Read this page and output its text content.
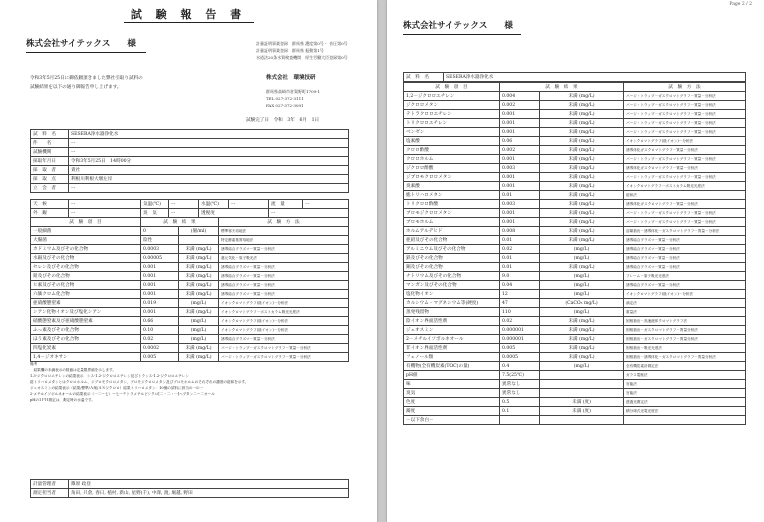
試 験 報 告 書
株式会社サイテックス　　様	計量証明事業登録　群馬県 濃度第0号・ 音圧第0号
計量証明事業登録　群馬県 振動第1号
水道法20条水質検査機関　厚生労働大臣登録第0号
令和3年5月25日に御依頼頂きました弊社引取り試料の
試験結果を以下の通り御報告申し上げます。
株式会社　環境技研
群馬県高崎市倉賀野町1709-1
TEL 027-372-3111
FAX 027-372-3091
試験完了日　令和　3年　6月　1日
試　料　名	SESERA浄水器浄化水
件　　名	ー
試験機関	ー
採取年月日	令和3年5月25日　14時00分
採　取　者	貴社
採　取　点	利根川利根大堰左岸
立　会　者	ー
天　候	ー	気温(℃)	ー	水温(℃)	ー	流　量	ー
外　観	ー	臭　気	ー	透視度		ー	
試　験　項　目	試　験　結　果		試　験　方　法
一般細菌	0	(個/ml)	標準寒天培地法
大腸菌	陰性		特定酵素基質培地法
カドミウム及びその化合物	0.0003	未満 (mg/L)	誘導結合プラズマ－質量－分析法
水銀及びその化合物	0.00005	未満 (mg/L)	還元気化－原子吸光法
セレン及びその化合物	0.001	未満 (mg/L)	誘導結合プラズマ－質量－分析法
鉛及びその化合物	0.001	未満 (mg/L)	誘導結合プラズマ－質量－分析法
ヒ素及びその化合物	0.001	未満 (mg/L)	誘導結合プラズマ－質量－分析法
六価クロム化合物	0.001	未満 (mg/L)	誘導結合プラズマ－質量－分析法
亜硝酸態窒素	0.019	(mg/L)	イオンクロマトグラフ(陰イオン)－分析法
シアン化物イオン及び塩化シアン	0.001	未満 (mg/L)	イオンクロマトグラフ－ポストカラム吸光光度法
硝酸態窒素及び亜硝酸態窒素	0.66	(mg/L)	イオンクロマトグラフ(陰イオン)－分析法
ふっ素及びその化合物	0.10	(mg/L)	イオンクロマトグラフ(陰イオン)－分析法
ほう素及びその化合物	0.02	(mg/L)	誘導結合プラズマ－質量－分析法
四塩化炭素	0.0002	未満 (mg/L)	パージ・トラップ－ガスクロマトグラフ－質量－分析法
1,4－ジオキサン	0.005	未満 (mg/L)	パージ・トラップ－ガスクロマトグラフ－質量－分析法
備考
　結果欄の未満表示の数値は定量限界値を示します。
1.3-ジクロロエチレンの結果表示　シス-1.2-ジクロロエチレン及びトランス-1.2-ジクロロエチレン
総トリハロメタンとはクロロホルム、ジブロモクロロメタン、ブロモジクロロメタン及びブロモホルムのそれぞれの濃度の総和を示す。
ジェオスミンの結果表示（結果/標準/Ａ剤/ＡＳジクロロ）結果トリハロメタン：10個の試料に該当の一の一
2-メチルイソボルネオールの結果表示（一二ー七）ー七ーテトラメチルビシクロ[二・二・一]ヘプタン二ー二オール
pHの1ＰＨ測定は、測定時の水温です。
計量管理者	篠原 政登
測定担当者	角田, 只倉, 春日, 植村, 新山, 星野(千), 中澤, 渡, 堀越, 野田
Page 2 / 2
株式会社サイテックス　　様
試　料　名	SESERA浄水器浄化水
試　験　項　目	試　験　結　果		試　験　方　法
1,2－ジクロロエチレン	0.004	未満 (mg/L)	パージ・トラップ－ガスクロマトグラフ－質量－分析法
ジクロロメタン	0.002	未満 (mg/L)	パージ・トラップ－ガスクロマトグラフ－質量－分析法
テトラクロロエチレン	0.001	未満 (mg/L)	パージ・トラップ－ガスクロマトグラフ－質量－分析法
トリクロロエチレン	0.001	未満 (mg/L)	パージ・トラップ－ガスクロマトグラフ－質量－分析法
ベンゼン	0.001	未満 (mg/L)	パージ・トラップ－ガスクロマトグラフ－質量－分析法
塩素酸	0.06	未満 (mg/L)	イオンクロマトグラフ(陰イオン)－分析法
クロロ酢酸	0.002	未満 (mg/L)	誘導体化ガスクロマトグラフ－質量－分析法
クロロホルム	0.001	未満 (mg/L)	パージ・トラップ－ガスクロマトグラフ－質量－分析法
ジクロロ酢酸	0.003	未満 (mg/L)	誘導体化ガスクロマトグラフ－質量－分析法
ジブロモクロロメタン	0.001	未満 (mg/L)	パージ・トラップ－ガスクロマトグラフ－質量－分析法
臭素酸	0.001	未満 (mg/L)	イオンクロマトグラフ－ポストカラム吸光光度法
総トリハロメタン	0.01	未満 (mg/L)	総和法
トリクロロ酢酸	0.003	未満 (mg/L)	誘導体化ガスクロマトグラフ－質量－分析法
ブロモジクロロメタン	0.001	未満 (mg/L)	パージ・トラップ－ガスクロマトグラフ－質量－分析法
ブロモホルム	0.001	未満 (mg/L)	パージ・トラップ－ガスクロマトグラフ－質量－分析法
ホルムアルデヒド	0.008	未満 (mg/L)	溶媒抽出－誘導体化－ガスクロマトグラフ－質量－分析法
亜鉛及びその化合物	0.01	未満 (mg/L)	誘導結合プラズマ－質量－分析法
アルミニウム及びその化合物	0.02	(mg/L)	誘導結合プラズマ－質量－分析法
鉄及びその化合物	0.01	(mg/L)	誘導結合プラズマ－質量－分析法
銅及びその化合物	0.01	未満 (mg/L)	誘導結合プラズマ－質量－分析法
ナトリウム及びその化合物	9.0	(mg/L)	フレーム－原子吸光光度法
マンガン及びその化合物	0.04	(mg/L)	誘導結合プラズマ－質量－分析法
塩化物イオン	12	(mg/L)	イオンクロマトグラフ(陰イオン)－分析法
カルシウム・マグネシウム等(硬度)	47	(CaCO₃ mg/L)	滴定法
蒸発残留物	110	(mg/L)	重量法
陰イオン界面活性剤	0.02	未満 (mg/L)	固相抽出－高速液体クロマトグラフ法
ジェオスミン	0.000001	未満 (mg/L)	固相抽出－ガスクロマトグラフ－質量分析法
2－メチルイソボルネオール	0.000001	未満 (mg/L)	固相抽出－ガスクロマトグラフ－質量分析法
非イオン界面活性剤	0.005	未満 (mg/L)	固相抽出－吸光光度法
フェノール類	0.0005	未満 (mg/L)	固相抽出－誘導体化－ガスクロマトグラフ－質量分析法
有機物(全有機炭素(TOC)の量)	0.4	(mg/L)	全有機炭素計測定法
pH値	7.5(25℃)		ガラス電極法
味	異常なし		官能法
臭気	異常なし		官能法
色度	0.5	未満 (度)	透過光測定法
濁度	0.1	未満 (度)	積分球式光電光度法
－以下余白－			
